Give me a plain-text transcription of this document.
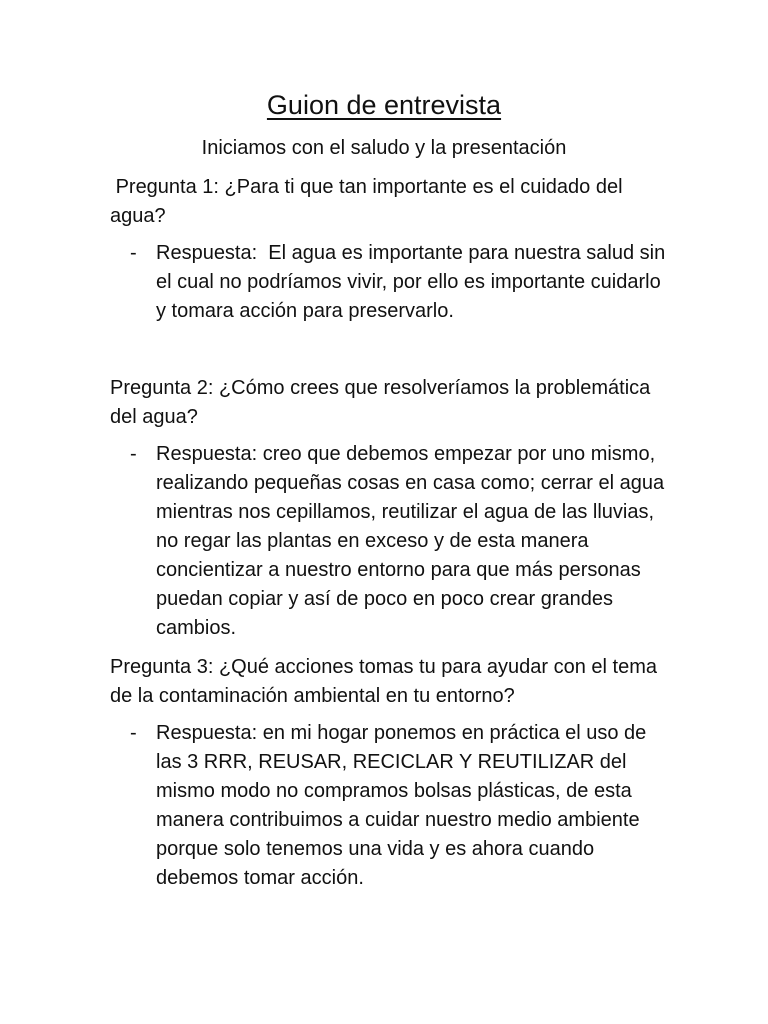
Guion de entrevista

Iniciamos con el saludo y la presentación

Pregunta 1: ¿Para ti que tan importante es el cuidado del agua?

- Respuesta:  El agua es importante para nuestra salud sin el cual no podríamos vivir, por ello es importante cuidarlo y tomara acción para preservarlo.

Pregunta 2: ¿Cómo crees que resolveríamos la problemática del agua?

- Respuesta: creo que debemos empezar por uno mismo, realizando pequeñas cosas en casa como; cerrar el agua mientras nos cepillamos, reutilizar el agua de las lluvias, no regar las plantas en exceso y de esta manera concientizar a nuestro entorno para que más personas puedan copiar y así de poco en poco crear grandes cambios.

Pregunta 3: ¿Qué acciones tomas tu para ayudar con el tema de la contaminación ambiental en tu entorno?

- Respuesta: en mi hogar ponemos en práctica el uso de las 3 RRR, REUSAR, RECICLAR Y REUTILIZAR del mismo modo no compramos bolsas plásticas, de esta manera contribuimos a cuidar nuestro medio ambiente porque solo tenemos una vida y es ahora cuando debemos tomar acción.
